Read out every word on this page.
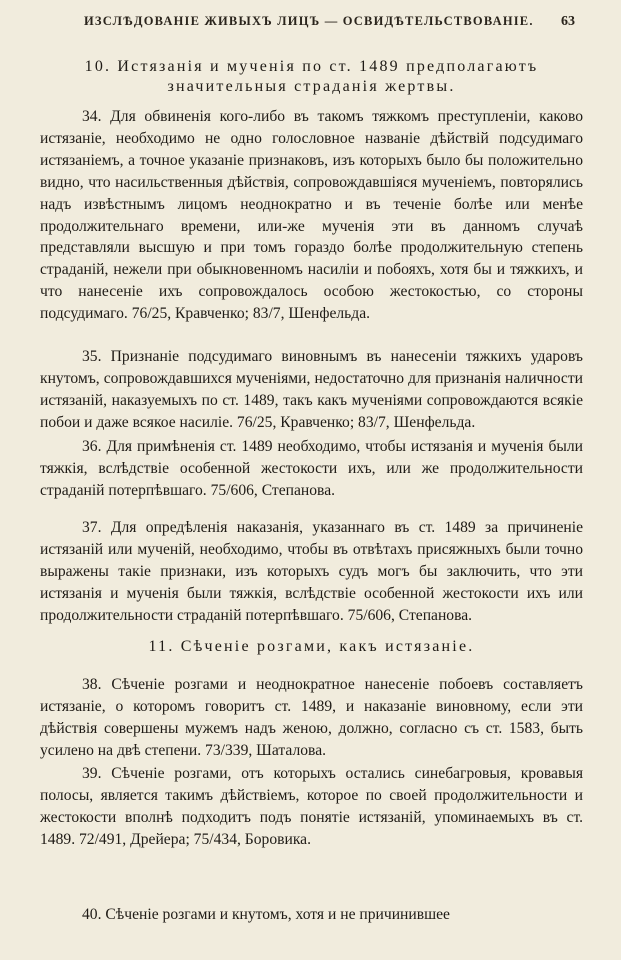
ИЗСЛѢДОВАНІЕ ЖИВЫХЪ ЛИЦЪ — ОСВИДѢТЕЛЬСТВОВАНІЕ. 63

10. Истязанія и мученія по ст. 1489 предполагаютъ значительныя страданія жертвы.

34. Для обвиненія кого-либо въ такомъ тяжкомъ преступленіи, каково истязаніе, необходимо не одно голословное названіе дѣйствій подсудимаго истязаніемъ, а точное указаніе признаковъ, изъ которыхъ было бы положительно видно, что насильственныя дѣйствія, сопровождавшіяся мученіемъ, повторялись надъ извѣстнымъ лицомъ неоднократно и въ теченіе болѣе или менѣе продолжительнаго времени, или-же мученія эти въ данномъ случаѣ представляли высшую и при томъ гораздо болѣе продолжительную степень страданій, нежели при обыкновенномъ насиліи и побояхъ, хотя бы и тяжкихъ, и что нанесеніе ихъ сопровождалось особою жестокостью, со стороны подсудимаго. 76/25, Кравченко; 83/7, Шенфельда.

35. Признаніе подсудимаго виновнымъ въ нанесеніи тяжкихъ ударовъ кнутомъ, сопровождавшихся мученіями, недостаточно для признанія наличности истязаній, наказуемыхъ по ст. 1489, такъ какъ мученіями сопровождаются всякіе побои и даже всякое насиліе. 76/25, Кравченко; 83/7, Шенфельда.

36. Для примѣненія ст. 1489 необходимо, чтобы истязанія и мученія были тяжкія, вслѣдствіе особенной жестокости ихъ, или же продолжительности страданій потерпѣвшаго. 75/606, Степанова.

37. Для опредѣленія наказанія, указаннаго въ ст. 1489 за причиненіе истязаній или мученій, необходимо, чтобы въ отвѣтахъ присяжныхъ были точно выражены такіе признаки, изъ которыхъ судъ могъ бы заключить, что эти истязанія и мученія были тяжкія, вслѣдствіе особенной жестокости ихъ или продолжительности страданій потерпѣвшаго. 75/606, Степанова.

11. Сѣченіе розгами, какъ истязаніе.

38. Сѣченіе розгами и неоднократное нанесеніе побоевъ составляетъ истязаніе, о которомъ говоритъ ст. 1489, и наказаніе виновному, если эти дѣйствія совершены мужемъ надъ женою, должно, согласно съ ст. 1583, быть усилено на двѣ степени. 73/339, Шаталова.

39. Сѣченіе розгами, отъ которыхъ остались синебагровыя, кровавыя полосы, является такимъ дѣйствіемъ, которое по своей продолжительности и жестокости вполнѣ подходитъ подъ понятіе истязаній, упоминаемыхъ въ ст. 1489. 72/491, Дрейера; 75/434, Боровика.

40. Сѣченіе розгами и кнутомъ, хотя и не причинившее
